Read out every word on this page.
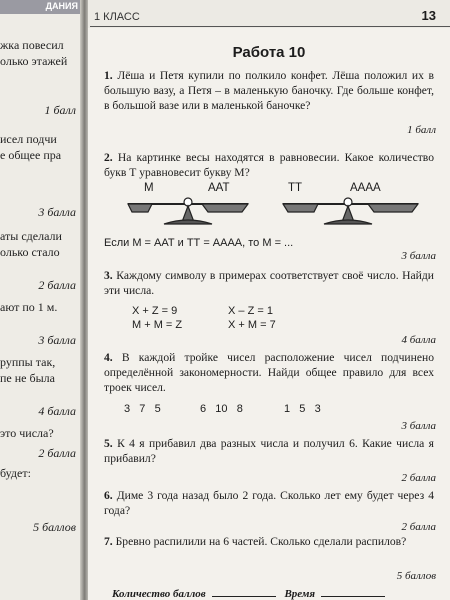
ДАНИЯ
жка повесил
олько этажей
1 балл
исел подчи
е общее пра
3 балла
аты сделали
олько стало
2 балла
ают по 1 м.
3 балла
руппы так,
пе не была
4 балла
это числа?
2 балла
будет:
5 баллов
1 КЛАСС	13
Работа 10
1. Лёша и Петя купили по полкило конфет. Лёша положил их в большую вазу, а Петя – в маленькую баночку. Где больше конфет, в большой вазе или в маленькой баночке?
1 балл
2. На картинке весы находятся в равновесии. Какое количество букв Т уравновесит букву М?
М	ААТ	ТТ	АААА
Если М = ААТ и ТТ = АААА, то М = ...
3 балла
3. Каждому символу в примерах соответствует своё число. Найди эти числа.
X + Z = 9	X – Z = 1
M + M = Z	X + M = 7
4 балла
4. В каждой тройке чисел расположение чисел подчинено определённой закономерности. Найди общее правило для всех троек чисел.
3   7   5	6   10   8	1   5   3
3 балла
5. К 4 я прибавил два разных числа и получил 6. Какие числа я прибавил?
2 балла
6. Диме 3 года назад было 2 года. Сколько лет ему будет через 4 года?
2 балла
7. Бревно распилили на 6 частей. Сколько сделали распилов?
5 баллов
Количество баллов	Время
